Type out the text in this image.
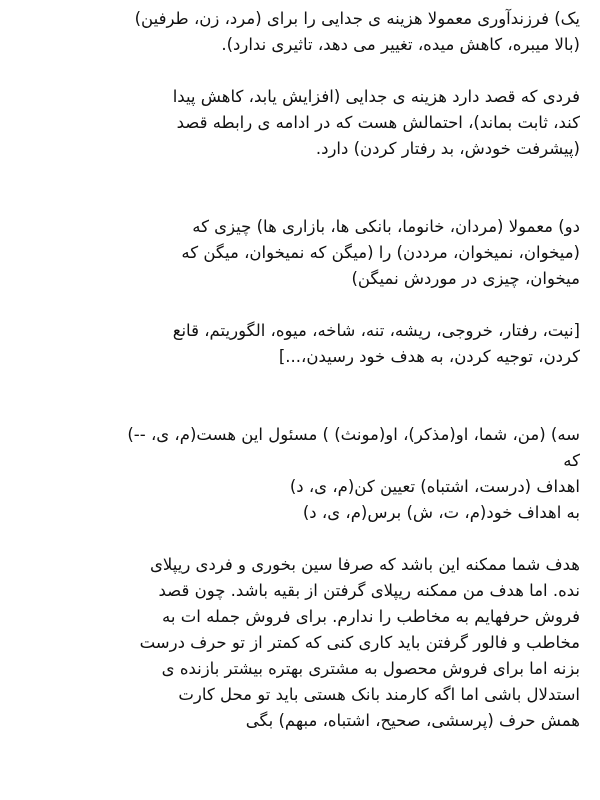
یک) فرزندآوری معمولا هزینه ی جدایی را برای (مرد، زن، طرفین)
(بالا میبره، کاهش میده، تغییر می دهد، تاثیری ندارد).
فردی که قصد دارد هزینه ی جدایی (افزایش یابد، کاهش پیدا
کند، ثابت بماند)، احتمالش هست که در ادامه ی رابطه قصد
(پیشرفت خودش، بد رفتار کردن) دارد.
دو) معمولا (مردان، خانوما، بانکی ها، بازاری ها) چیزی که
(میخوان، نمیخوان، مرددن) را (میگن که نمیخوان، میگن که
میخوان، چیزی در موردش نمیگن)
[نیت، رفتار، خروجی، ریشه، تنه، شاخه، میوه، الگوریتم، قانع
کردن، توجیه کردن، به هدف خود رسیدن،...]
سه) (من، شما، او(مذکر)، او(مونث) ) مسئول این هست(م، ی، --)
که
اهداف (درست، اشتباه) تعیین کن(م، ی، د)
به اهداف خود(م، ت، ش) برس(م، ی، د)
هدف شما ممکنه این باشد که صرفا سین بخوری و فردی ریپلای
نده. اما هدف من ممکنه ریپلای گرفتن از بقیه باشد. چون قصد
فروش حرفهایم به مخاطب را ندارم. برای فروش جمله ات به
مخاطب و فالور گرفتن باید کاری کنی که کمتر از تو حرف درست
بزنه اما برای فروش محصول به مشتری بهتره بیشتر بازنده ی
استدلال باشی اما اگه کارمند بانک هستی باید تو محل کارت
همش حرف (پرسشی، صحیح، اشتباه، مبهم) بگی
